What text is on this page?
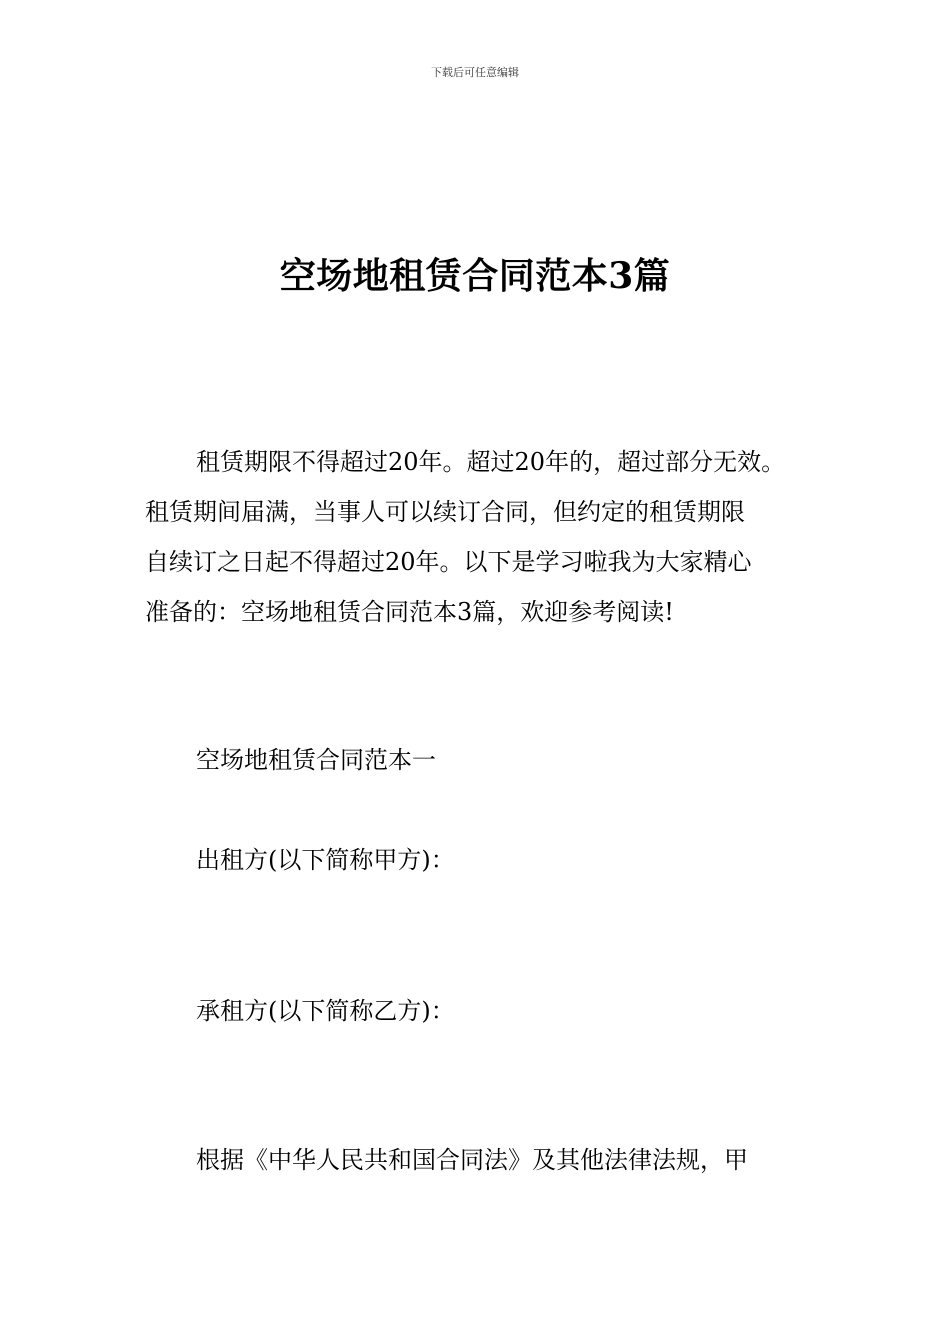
下载后可任意编辑
空场地租赁合同范本3篇
租赁期限不得超过20年。超过20年的，超过部分无效。
租赁期间届满，当事人可以续订合同，但约定的租赁期限
自续订之日起不得超过20年。以下是学习啦我为大家精心
准备的：空场地租赁合同范本3篇，欢迎参考阅读!
空场地租赁合同范本一
出租方(以下简称甲方)：
承租方(以下简称乙方)：
根据《中华人民共和国合同法》及其他法律法规，甲
